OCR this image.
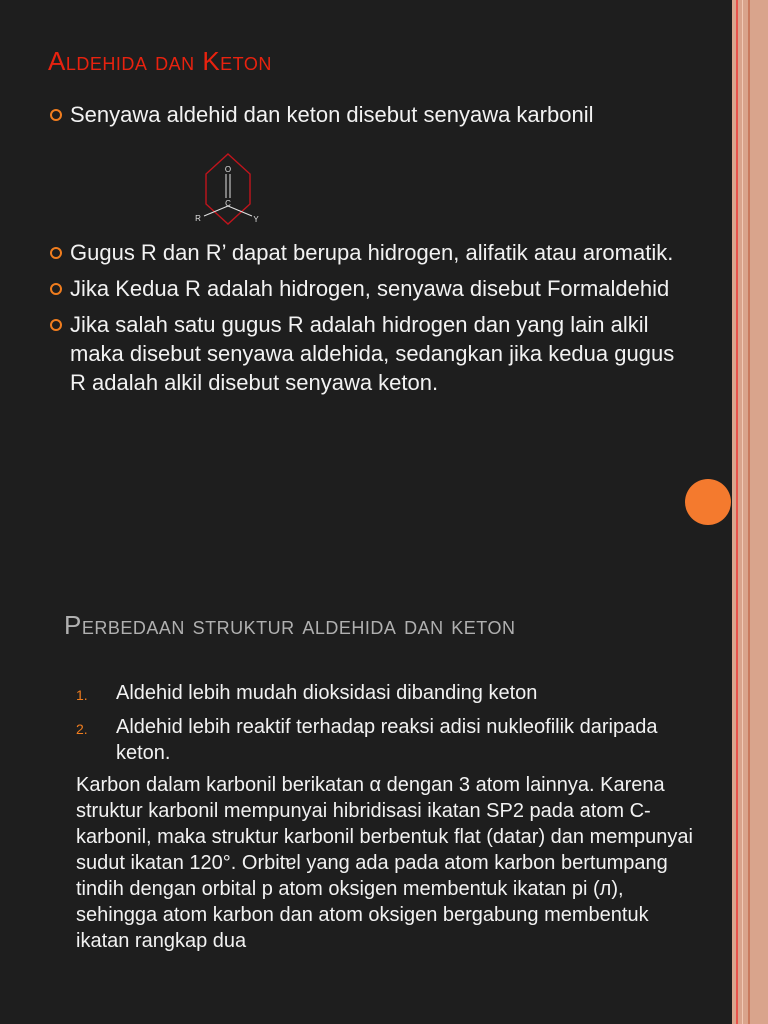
Aldehida dan Keton
Senyawa aldehid dan keton disebut senyawa karbonil
O
C
R	Y
Gugus R dan R’ dapat berupa hidrogen, alifatik atau aromatik.
Jika Kedua R adalah hidrogen, senyawa disebut Formaldehid
Jika salah satu gugus R adalah hidrogen dan yang lain alkil maka disebut senyawa aldehida, sedangkan jika kedua gugus R adalah alkil disebut senyawa keton.
Perbedaan struktur aldehida dan keton
1. Aldehid lebih mudah dioksidasi dibanding keton
2. Aldehid lebih reaktif terhadap reaksi adisi nukleofilik daripada keton.

Karbon dalam karbonil berikatan α dengan 3 atom lainnya. Karena struktur karbonil mempunyai hibridisasi ikatan SP2 pada atom C-karbonil, maka struktur karbonil berbentuk flat (datar) dan mempunyai sudut ikatan 120°. Orbitɐl yang ada pada atom karbon bertumpang tindih dengan orbital p atom oksigen membentuk ikatan pi (л), sehingga atom karbon dan atom oksigen bergabung membentuk ikatan rangkap dua
